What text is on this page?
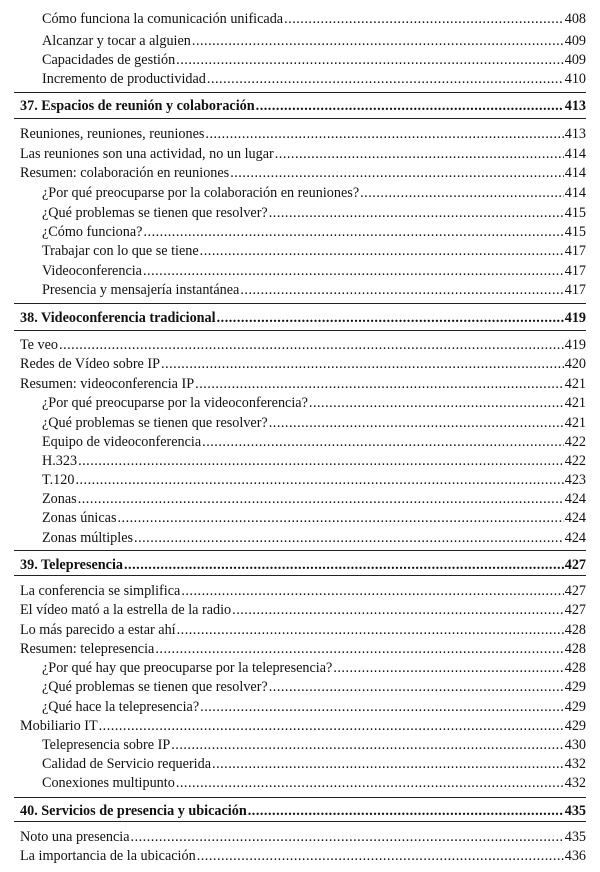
Cómo funciona la comunicación unificada .....	408
Alcanzar y tocar a alguien .....	409
Capacidades de gestión .....	409
Incremento de productividad .....	410
37. Espacios de reunión y colaboración .....	413
Reuniones, reuniones, reuniones .....	413
Las reuniones son una actividad, no un lugar .....	414
Resumen: colaboración en reuniones .....	414
¿Por qué preocuparse por la colaboración en reuniones? .....	414
¿Qué problemas se tienen que resolver? .....	415
¿Cómo funciona? .....	415
Trabajar con lo que se tiene .....	417
Videoconferencia .....	417
Presencia y mensajería instantánea .....	417
38. Videoconferencia tradicional .....	419
Te veo .....	419
Redes de Vídeo sobre IP .....	420
Resumen: videoconferencia IP .....	421
¿Por qué preocuparse por la videoconferencia? .....	421
¿Qué problemas se tienen que resolver? .....	421
Equipo de videoconferencia .....	422
H.323 .....	422
T.120 .....	423
Zonas .....	424
Zonas únicas .....	424
Zonas múltiples .....	424
39. Telepresencia .....	427
La conferencia se simplifica .....	427
El vídeo mató a la estrella de la radio .....	427
Lo más parecido a estar ahí .....	428
Resumen: telepresencia .....	428
¿Por qué hay que preocuparse por la telepresencia? .....	428
¿Qué problemas se tienen que resolver? .....	429
¿Qué hace la telepresencia? .....	429
Mobiliario IT .....	429
Telepresencia sobre IP .....	430
Calidad de Servicio requerida .....	432
Conexiones multipunto .....	432
40. Servicios de presencia y ubicación .....	435
Noto una presencia .....	435
La importancia de la ubicación .....	436
